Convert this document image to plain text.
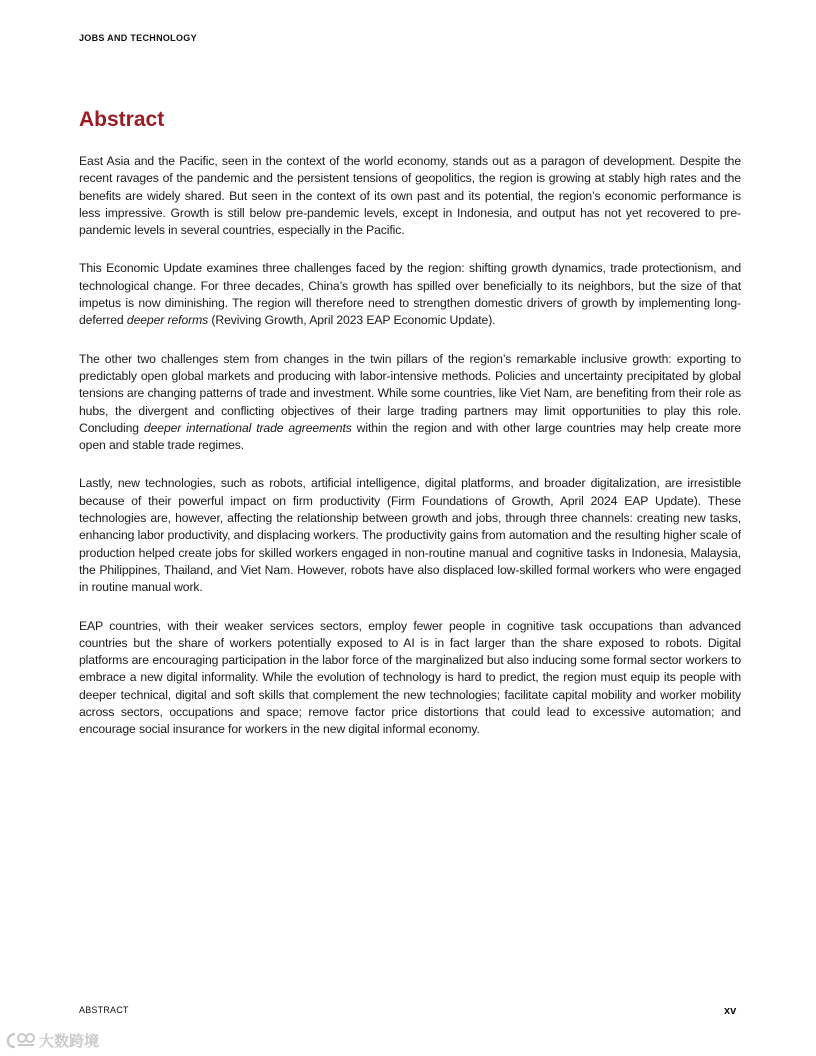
JOBS AND TECHNOLOGY
Abstract

East Asia and the Pacific, seen in the context of the world economy, stands out as a paragon of development. Despite the recent ravages of the pandemic and the persistent tensions of geopolitics, the region is growing at stably high rates and the benefits are widely shared. But seen in the context of its own past and its potential, the region’s economic performance is less impressive. Growth is still below pre-pandemic levels, except in Indonesia, and output has not yet recovered to pre-pandemic levels in several countries, especially in the Pacific.

This Economic Update examines three challenges faced by the region: shifting growth dynamics, trade protectionism, and technological change. For three decades, China’s growth has spilled over beneficially to its neighbors, but the size of that impetus is now diminishing. The region will therefore need to strengthen domestic drivers of growth by implementing long-deferred deeper reforms (Reviving Growth, April 2023 EAP Economic Update).

The other two challenges stem from changes in the twin pillars of the region’s remarkable inclusive growth: exporting to predictably open global markets and producing with labor-intensive methods. Policies and uncertainty precipitated by global tensions are changing patterns of trade and investment. While some countries, like Viet Nam, are benefiting from their role as hubs, the divergent and conflicting objectives of their large trading partners may limit opportunities to play this role. Concluding deeper international trade agreements within the region and with other large countries may help create more open and stable trade regimes.

Lastly, new technologies, such as robots, artificial intelligence, digital platforms, and broader digitalization, are irresistible because of their powerful impact on firm productivity (Firm Foundations of Growth, April 2024 EAP Update). These technologies are, however, affecting the relationship between growth and jobs, through three channels: creating new tasks, enhancing labor productivity, and displacing workers. The productivity gains from automation and the resulting higher scale of production helped create jobs for skilled workers engaged in non-routine manual and cognitive tasks in Indonesia, Malaysia, the Philippines, Thailand, and Viet Nam. However, robots have also displaced low-skilled formal workers who were engaged in routine manual work.

EAP countries, with their weaker services sectors, employ fewer people in cognitive task occupations than advanced countries but the share of workers potentially exposed to AI is in fact larger than the share exposed to robots. Digital platforms are encouraging participation in the labor force of the marginalized but also inducing some formal sector workers to embrace a new digital informality. While the evolution of technology is hard to predict, the region must equip its people with deeper technical, digital and soft skills that complement the new technologies; facilitate capital mobility and worker mobility across sectors, occupations and space; remove factor price distortions that could lead to excessive automation; and encourage social insurance for workers in the new digital informal economy.

ABSTRACT	xv
大数跨境
